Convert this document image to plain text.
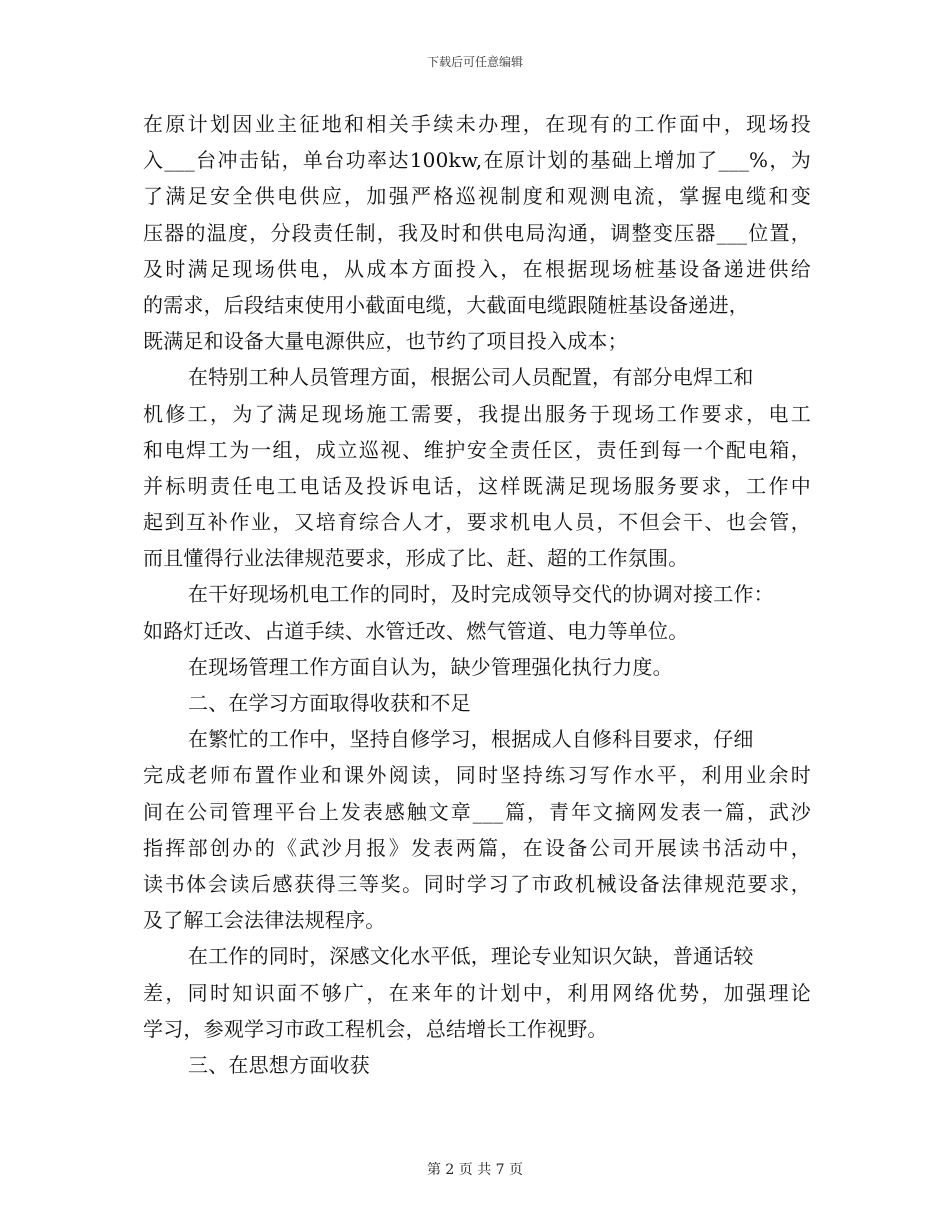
下载后可任意编辑
在原计划因业主征地和相关手续未办理，在现有的工作面中，现场投
入___台冲击钻，单台功率达100kw,在原计划的基础上增加了___%，为
了满足安全供电供应，加强严格巡视制度和观测电流，掌握电缆和变
压器的温度，分段责任制，我及时和供电局沟通，调整变压器___位置，
及时满足现场供电，从成本方面投入，在根据现场桩基设备递进供给
的需求，后段结束使用小截面电缆，大截面电缆跟随桩基设备递进，
既满足和设备大量电源供应，也节约了项目投入成本；
在特别工种人员管理方面，根据公司人员配置，有部分电焊工和
机修工，为了满足现场施工需要，我提出服务于现场工作要求，电工
和电焊工为一组，成立巡视、维护安全责任区，责任到每一个配电箱，
并标明责任电工电话及投诉电话，这样既满足现场服务要求，工作中
起到互补作业，又培育综合人才，要求机电人员，不但会干、也会管，
而且懂得行业法律规范要求，形成了比、赶、超的工作氛围。
在干好现场机电工作的同时，及时完成领导交代的协调对接工作：
如路灯迁改、占道手续、水管迁改、燃气管道、电力等单位。
在现场管理工作方面自认为，缺少管理强化执行力度。
二、在学习方面取得收获和不足
在繁忙的工作中，坚持自修学习，根据成人自修科目要求，仔细
完成老师布置作业和课外阅读，同时坚持练习写作水平，利用业余时
间在公司管理平台上发表感触文章___篇，青年文摘网发表一篇，武沙
指挥部创办的《武沙月报》发表两篇，在设备公司开展读书活动中，
读书体会读后感获得三等奖。同时学习了市政机械设备法律规范要求，
及了解工会法律法规程序。
在工作的同时，深感文化水平低，理论专业知识欠缺，普通话较
差，同时知识面不够广，在来年的计划中，利用网络优势，加强理论
学习，参观学习市政工程机会，总结增长工作视野。
三、在思想方面收获
第 2 页 共 7 页
